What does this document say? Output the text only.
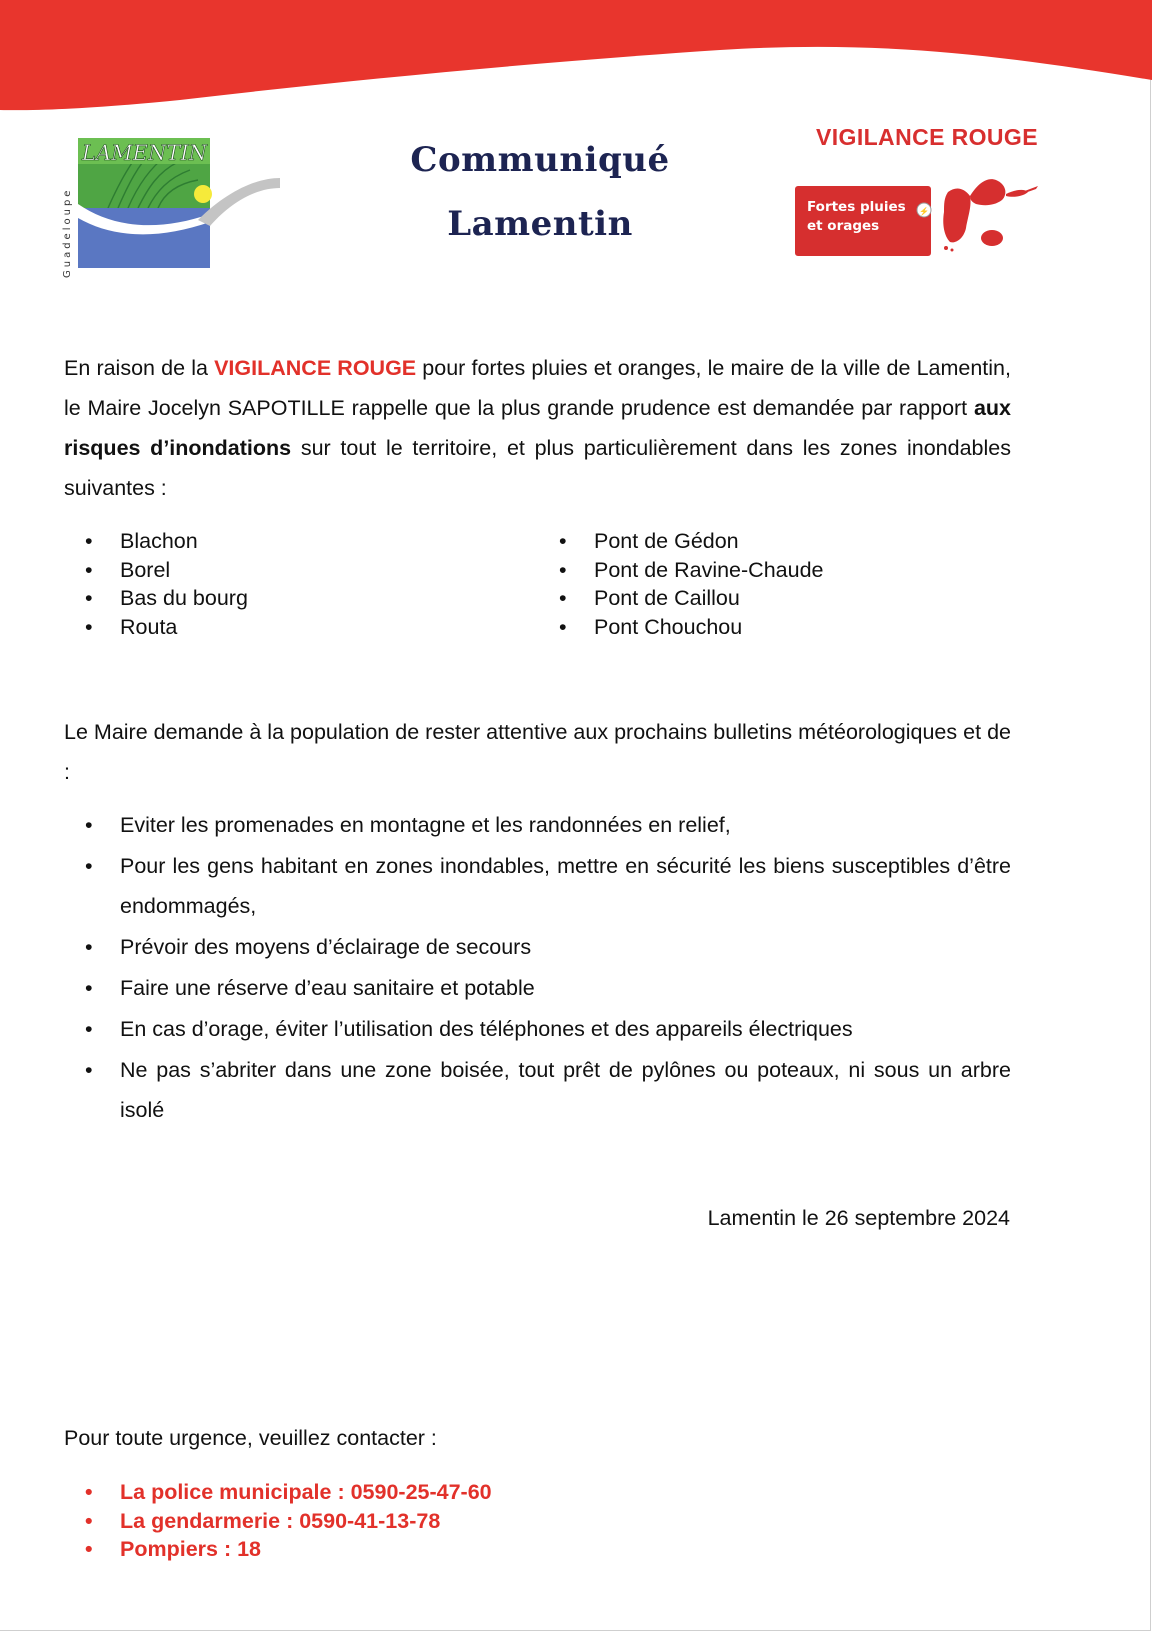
LAMENTIN
Guadeloupe
Communiqué
Lamentin
VIGILANCE ROUGE
Fortes pluies
et orages
⚡
En raison de la VIGILANCE ROUGE pour fortes pluies et oranges, le maire de la ville de Lamentin, le Maire Jocelyn SAPOTILLE rappelle que la plus grande prudence est demandée par rapport aux risques d’inondations sur tout le territoire, et plus particulièrement dans les zones inondables suivantes :
• Blachon
• Borel
• Bas du bourg
• Routa
• Pont de Gédon
• Pont de Ravine-Chaude
• Pont de Caillou
• Pont Chouchou
Le Maire demande à la population de rester attentive aux prochains bulletins météorologiques et de :
• Eviter les promenades en montagne et les randonnées en relief,
• Pour les gens habitant en zones inondables, mettre en sécurité les biens susceptibles d’être endommagés,
• Prévoir des moyens d’éclairage de secours
• Faire une réserve d’eau sanitaire et potable
• En cas d’orage, éviter l’utilisation des téléphones et des appareils électriques
• Ne pas s’abriter dans une zone boisée, tout prêt de pylônes ou poteaux, ni sous un arbre isolé
Lamentin le 26 septembre 2024
Pour toute urgence, veuillez contacter :
• La police municipale : 0590-25-47-60
• La gendarmerie : 0590-41-13-78
• Pompiers : 18
